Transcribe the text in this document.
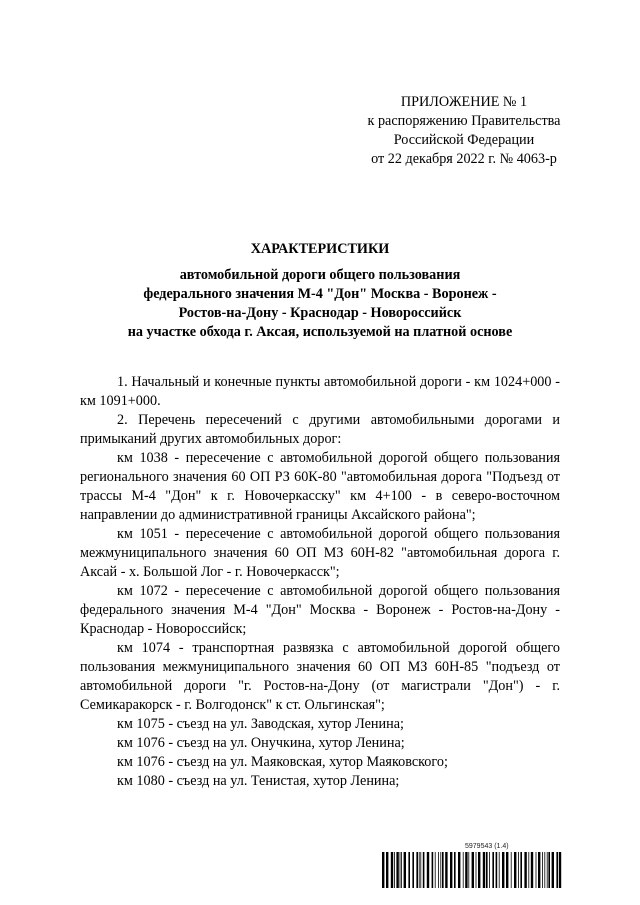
ПРИЛОЖЕНИЕ № 1
к распоряжению Правительства
Российской Федерации
от 22 декабря 2022 г. № 4063-р
ХАРАКТЕРИСТИКИ
автомобильной дороги общего пользования
федерального значения М-4 "Дон" Москва - Воронеж -
Ростов-на-Дону - Краснодар - Новороссийск
на участке обхода г. Аксая, используемой на платной основе

1. Начальный и конечные пункты автомобильной дороги - км 1024+000 - км 1091+000.

2. Перечень пересечений с другими автомобильными дорогами и примыканий других автомобильных дорог:

км 1038 - пересечение с автомобильной дорогой общего пользования регионального значения 60 ОП РЗ 60К-80 "автомобильная дорога "Подъезд от трассы М-4 "Дон" к г. Новочеркасску" км 4+100 - в северо-восточном направлении до административной границы Аксайского района";

км 1051 - пересечение с автомобильной дорогой общего пользования межмуниципального значения 60 ОП МЗ 60Н-82 "автомобильная дорога г. Аксай - х. Большой Лог - г. Новочеркасск";

км 1072 - пересечение с автомобильной дорогой общего пользования федерального значения М-4 "Дон" Москва - Воронеж - Ростов-на-Дону - Краснодар - Новороссийск;

км 1074 - транспортная развязка с автомобильной дорогой общего пользования межмуниципального значения 60 ОП МЗ 60Н-85 "подъезд от автомобильной дороги "г. Ростов-на-Дону (от магистрали "Дон") - г. Семикаракорск - г. Волгодонск" к ст. Ольгинская";

км 1075 - съезд на ул. Заводская, хутор Ленина;

км 1076 - съезд на ул. Онучкина, хутор Ленина;

км 1076 - съезд на ул. Маяковская, хутор Маяковского;

км 1080 - съезд на ул. Тенистая, хутор Ленина;

5979543 (1.4)
